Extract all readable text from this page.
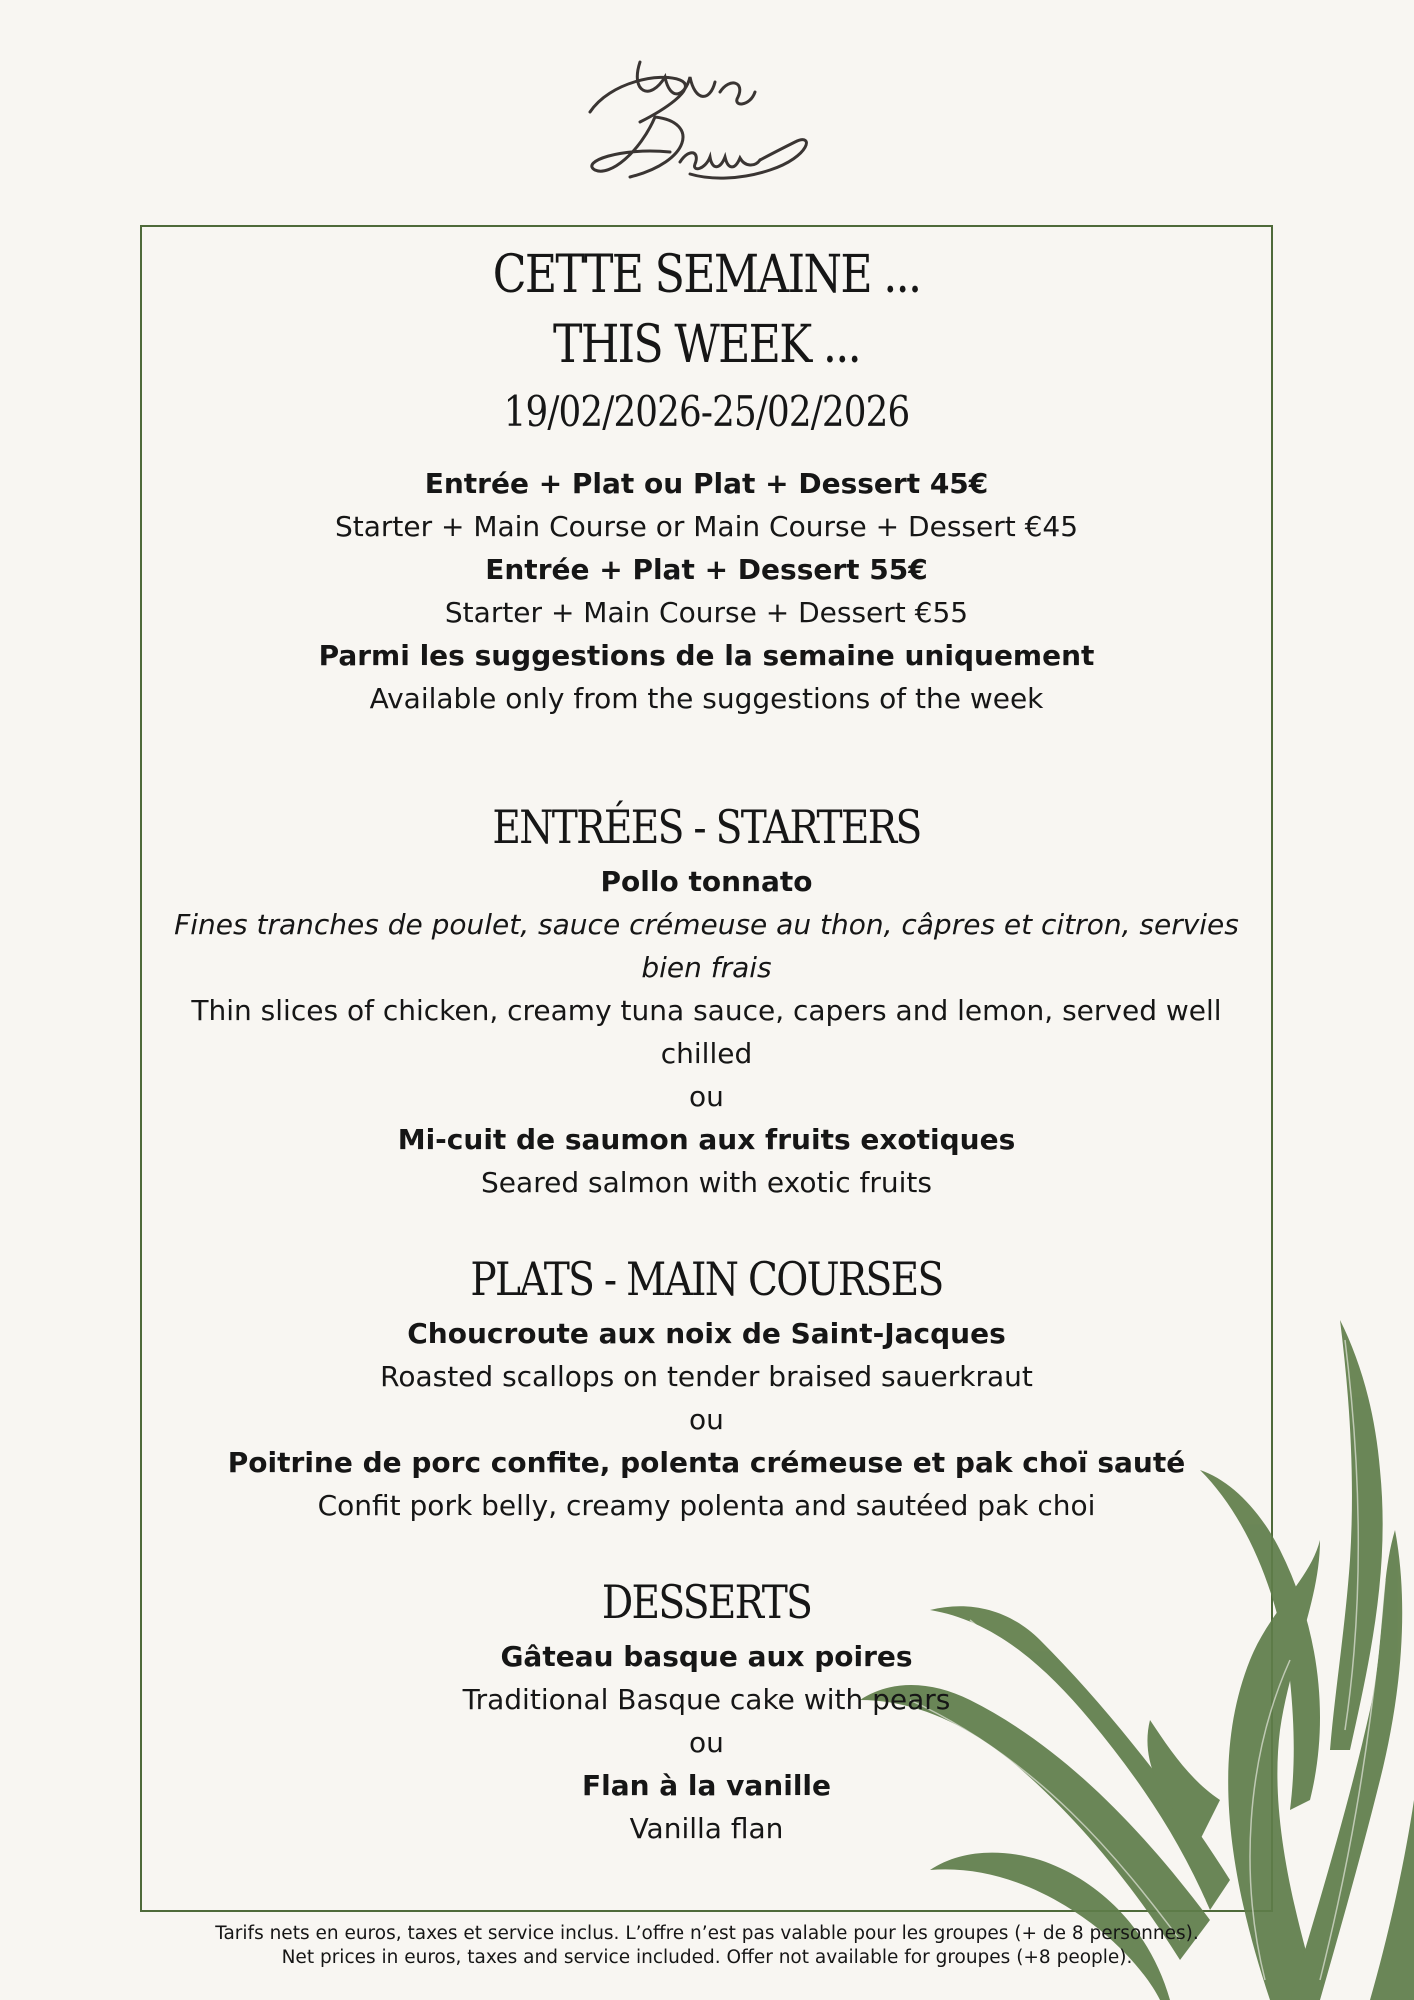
CETTE SEMAINE ...
THIS WEEK ...

19/02/2026-25/02/2026

Entrée + Plat ou Plat + Dessert 45€

Starter + Main Course or Main Course + Dessert €45

Entrée + Plat + Dessert 55€

Starter + Main Course + Dessert €55

Parmi les suggestions de la semaine uniquement

Available only from the suggestions of the week

ENTRÉES - STARTERS

Pollo tonnato

Fines tranches de poulet, sauce crémeuse au thon, câpres et citron, servies bien frais

Thin slices of chicken, creamy tuna sauce, capers and lemon, served well chilled

ou

Mi-cuit de saumon aux fruits exotiques

Seared salmon with exotic fruits

PLATS - MAIN COURSES

Choucroute aux noix de Saint-Jacques

Roasted scallops on tender braised sauerkraut

ou

Poitrine de porc confite, polenta crémeuse et pak choï sauté

Confit pork belly, creamy polenta and sautéed pak choi

DESSERTS

Gâteau basque aux poires

Traditional Basque cake with pears

ou

Flan à la vanille

Vanilla flan

Tarifs nets en euros, taxes et service inclus. L’offre n’est pas valable pour les groupes (+ de 8 personnes).

Net prices in euros, taxes and service included. Offer not available for groupes (+8 people).
